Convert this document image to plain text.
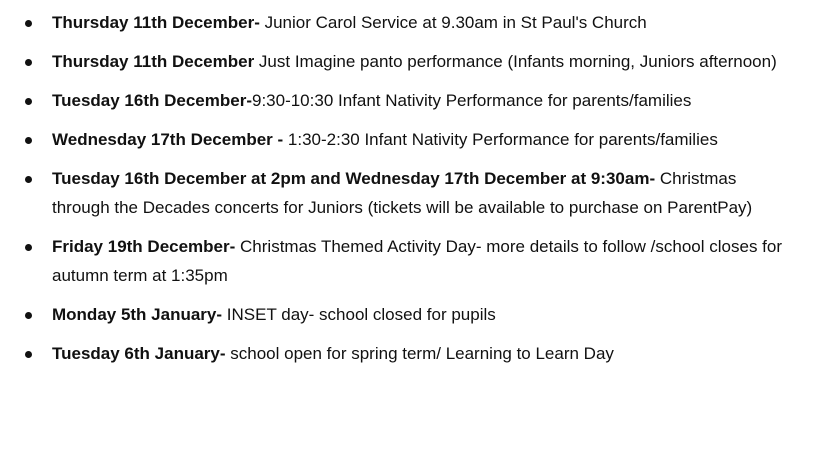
Thursday 11th December- Junior Carol Service at 9.30am in St Paul's Church
Thursday 11th December Just Imagine panto performance (Infants morning, Juniors afternoon)
Tuesday 16th December-9:30-10:30 Infant Nativity Performance for parents/families
Wednesday 17th December - 1:30-2:30 Infant Nativity Performance for parents/families
Tuesday 16th December at 2pm and Wednesday 17th December at 9:30am- Christmas through the Decades concerts for Juniors (tickets will be available to purchase on ParentPay)
Friday 19th December- Christmas Themed Activity Day- more details to follow /school closes for autumn term at 1:35pm
Monday 5th January- INSET day- school closed for pupils
Tuesday 6th January- school open for spring term/ Learning to Learn Day
